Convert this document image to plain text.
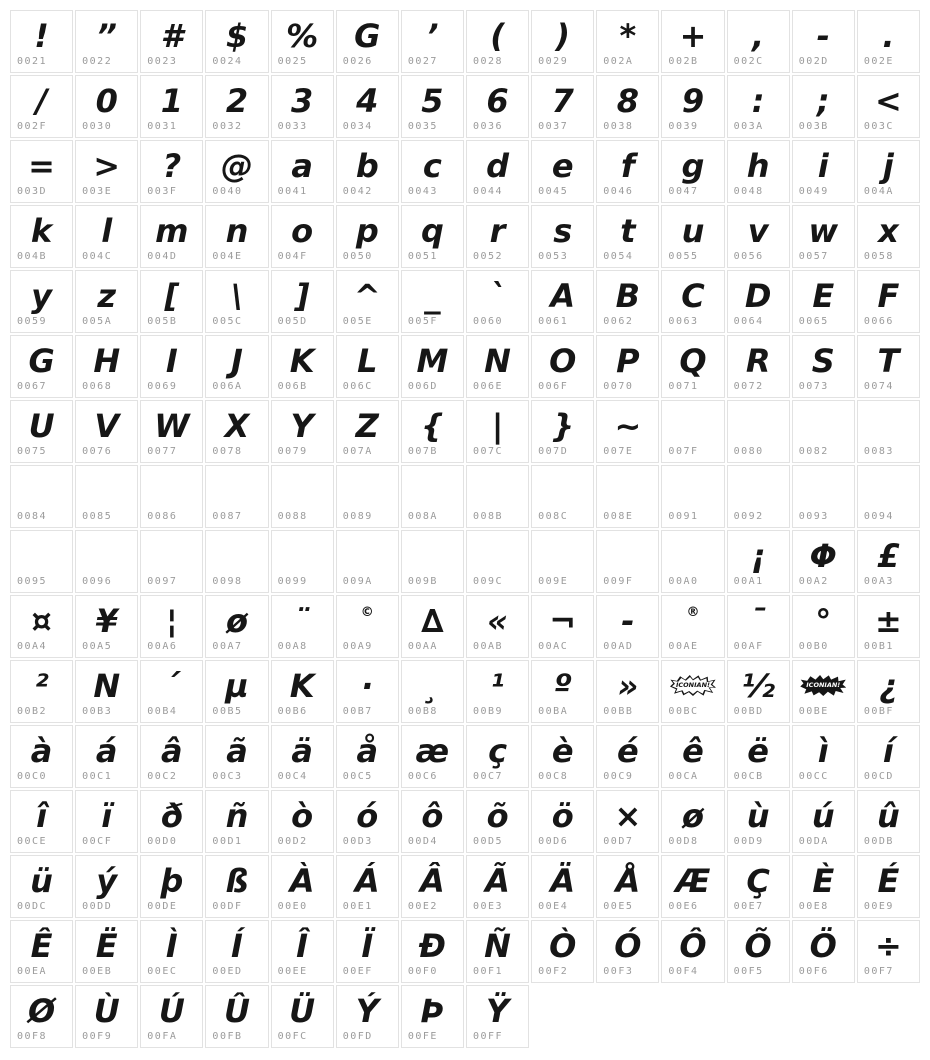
!
0021
”
0022
#
0023
$
0024
%
0025
G
0026
’
0027
(
0028
)
0029
*
002A
+
002B
,
002C
-
002D
.
002E
/
002F
0
0030
1
0031
2
0032
3
0033
4
0034
5
0035
6
0036
7
0037
8
0038
9
0039
:
003A
;
003B
<
003C
=
003D
>
003E
?
003F
@
0040
a
0041
b
0042
c
0043
d
0044
e
0045
f
0046
g
0047
h
0048
i
0049
j
004A
k
004B
l
004C
m
004D
n
004E
o
004F
p
0050
q
0051
r
0052
s
0053
t
0054
u
0055
v
0056
w
0057
x
0058
y
0059
z
005A
[
005B
\
005C
]
005D
^
005E
_
005F
`
0060
A
0061
B
0062
C
0063
D
0064
E
0065
F
0066
G
0067
H
0068
I
0069
J
006A
K
006B
L
006C
M
006D
N
006E
O
006F
P
0070
Q
0071
R
0072
S
0073
T
0074
U
0075
V
0076
W
0077
X
0078
Y
0079
Z
007A
{
007B
|
007C
}
007D
~
007E	007F	0080	0082	0083
0084	0085	0086	0087	0088	0089	008A	008B	008C	008E	0091	0092	0093	0094
0095	0096	0097	0098	0099	009A	009B	009C	009E	009F	00A0
¡
00A1
Φ
00A2
£
00A3
¤
00A4
¥
00A5
¦
00A6
ø
00A7
¨
00A8
©
00A9
∆
00AA
«
00AB
¬
00AC
-
00AD
®
00AE
¯
00AF
°
00B0
±
00B1
²
00B2
N
00B3
´
00B4
µ
00B5
K
00B6
·
00B7
¸
00B8
¹
00B9
º
00BA
»
00BB
ICONIAN!
00BC
½
00BD
ICONIAN!
00BE
¿
00BF
à
00C0
á
00C1
â
00C2
ã
00C3
ä
00C4
å
00C5
æ
00C6
ç
00C7
è
00C8
é
00C9
ê
00CA
ë
00CB
ì
00CC
í
00CD
î
00CE
ï
00CF
ð
00D0
ñ
00D1
ò
00D2
ó
00D3
ô
00D4
õ
00D5
ö
00D6
×
00D7
ø
00D8
ù
00D9
ú
00DA
û
00DB
ü
00DC
ý
00DD
þ
00DE
ß
00DF
À
00E0
Á
00E1
Â
00E2
Ã
00E3
Ä
00E4
Å
00E5
Æ
00E6
Ç
00E7
È
00E8
É
00E9
Ê
00EA
Ë
00EB
Ì
00EC
Í
00ED
Î
00EE
Ï
00EF
Ð
00F0
Ñ
00F1
Ò
00F2
Ó
00F3
Ô
00F4
Õ
00F5
Ö
00F6
÷
00F7
Ø
00F8
Ù
00F9
Ú
00FA
Û
00FB
Ü
00FC
Ý
00FD
Þ
00FE
Ÿ
00FF
